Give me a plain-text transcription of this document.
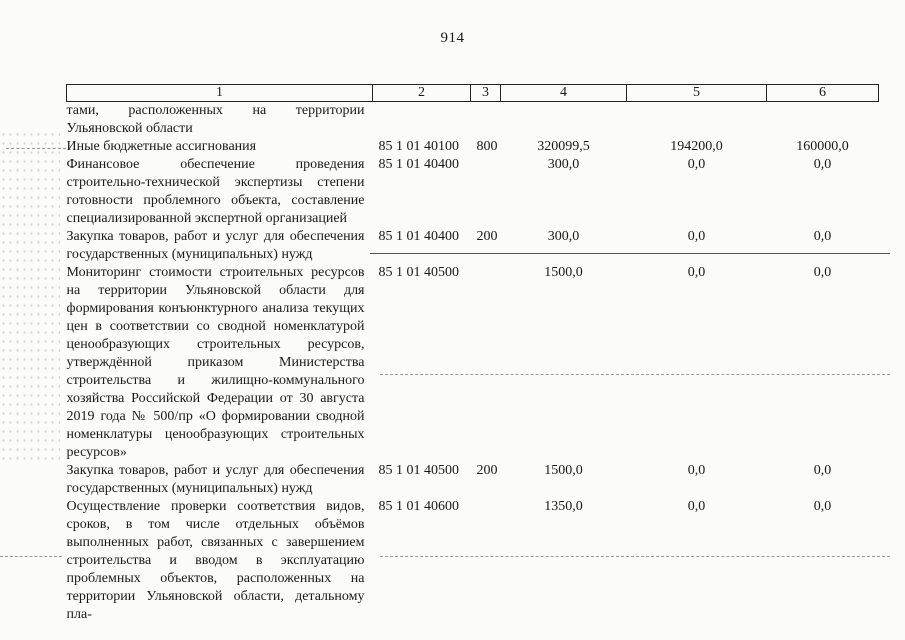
914
1	2	3	4	5	6
тами, расположенных на территории Ульяновской области					
Иные бюджетные ассигнования	85 1 01 40100	800	320099,5	194200,0	160000,0
Финансовое обеспечение проведения строительно-технической экспертизы степени готовности проблемного объекта, составление специализированной экспертной организацией	85 1 01 40400		300,0	0,0	0,0
Закупка товаров, работ и услуг для обеспечения государственных (муниципальных) нужд	85 1 01 40400	200	300,0	0,0	0,0
Мониторинг стоимости строительных ресурсов на территории Ульяновской области для формирования конъюнктурного анализа текущих цен в соответствии со сводной номенклатурой ценообразующих строительных ресурсов, утверждённой приказом Министерства строительства и жилищно-коммунального хозяйства Российской Федерации от 30 августа 2019 года № 500/пр «О формировании сводной номенклатуры ценообразующих строительных ресурсов»	85 1 01 40500		1500,0	0,0	0,0
Закупка товаров, работ и услуг для обеспечения государственных (муниципальных) нужд	85 1 01 40500	200	1500,0	0,0	0,0
Осуществление проверки соответствия видов, сроков, в том числе отдельных объёмов выполненных работ, связанных с завершением строительства и вводом в эксплуатацию проблемных объектов, расположенных на территории Ульяновской области, детальному пла-	85 1 01 40600		1350,0	0,0	0,0
